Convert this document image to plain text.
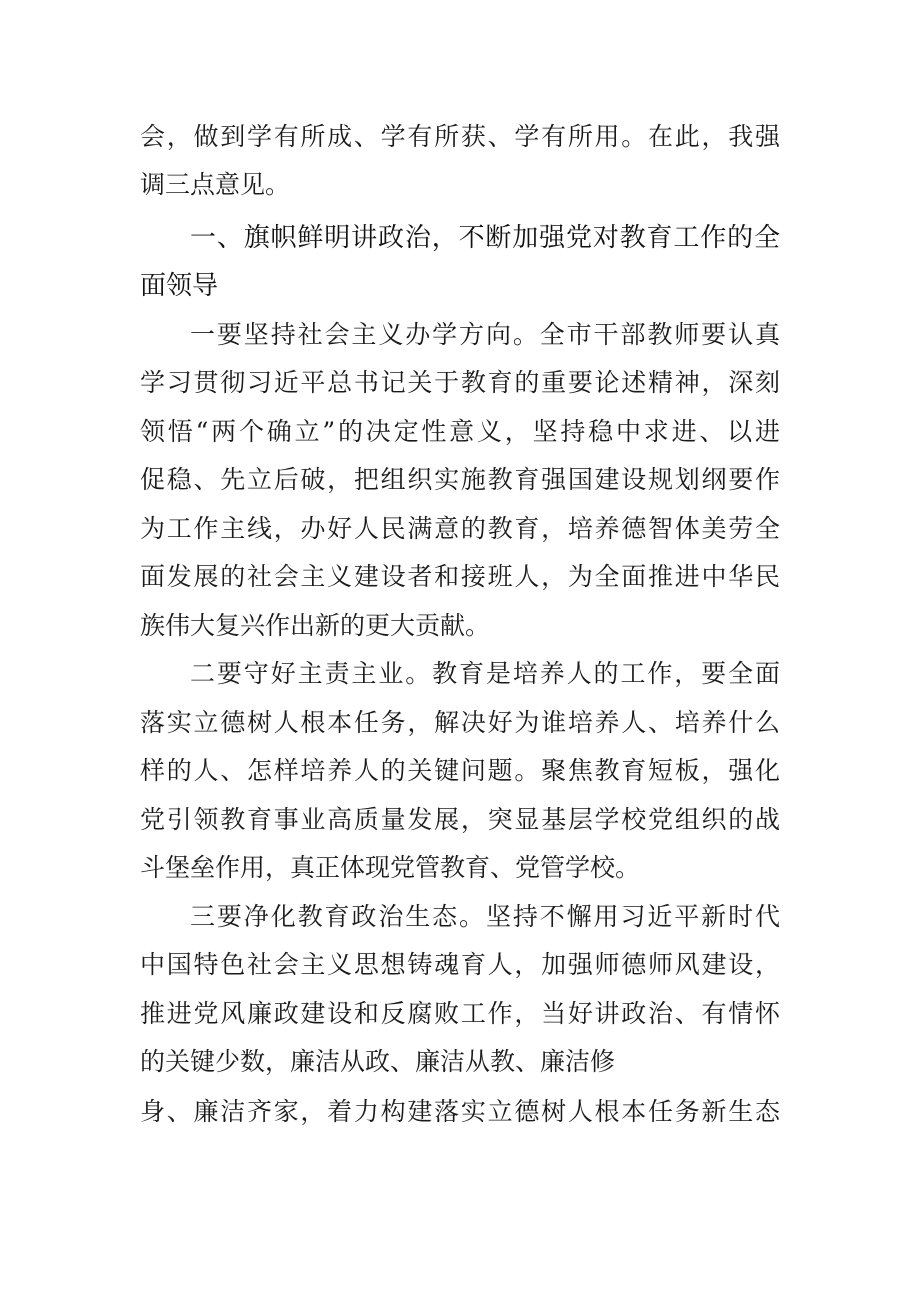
会，做到学有所成、学有所获、学有所用。在此，我强
调三点意见。
一、旗帜鲜明讲政治，不断加强党对教育工作的全
面领导
一要坚持社会主义办学方向。全市干部教师要认真
学习贯彻习近平总书记关于教育的重要论述精神，深刻
领悟“两个确立”的决定性意义，坚持稳中求进、以进
促稳、先立后破，把组织实施教育强国建设规划纲要作
为工作主线，办好人民满意的教育，培养德智体美劳全
面发展的社会主义建设者和接班人，为全面推进中华民
族伟大复兴作出新的更大贡献。
二要守好主责主业。教育是培养人的工作，要全面
落实立德树人根本任务，解决好为谁培养人、培养什么
样的人、怎样培养人的关键问题。聚焦教育短板，强化
党引领教育事业高质量发展，突显基层学校党组织的战
斗堡垒作用，真正体现党管教育、党管学校。
三要净化教育政治生态。坚持不懈用习近平新时代
中国特色社会主义思想铸魂育人，加强师德师风建设，
推进党风廉政建设和反腐败工作，当好讲政治、有情怀
的关键少数，廉洁从政、廉洁从教、廉洁修
身、廉洁齐家，着力构建落实立德树人根本任务新生态
